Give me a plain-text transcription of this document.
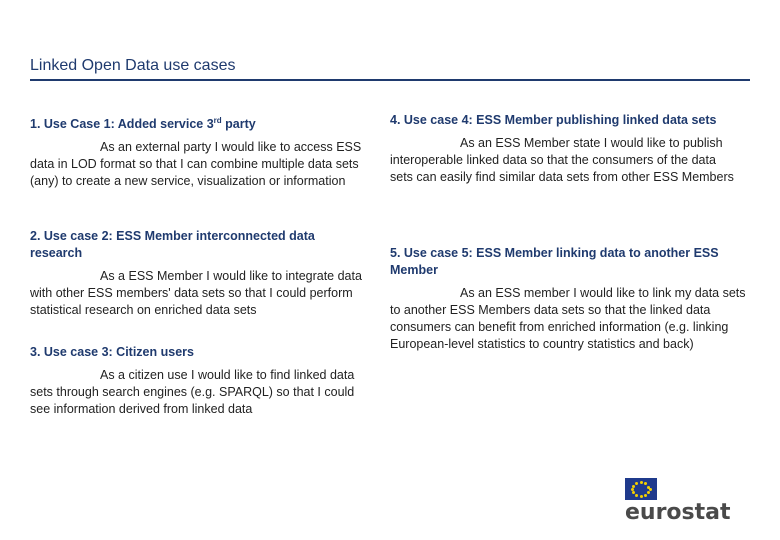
Linked Open Data use cases
1. Use Case 1: Added service 3rd party
As an external party I would like to access ESS data in LOD format so that I can combine multiple data sets (any) to create a new service, visualization or information
2. Use case 2: ESS Member interconnected data research
As a ESS Member I would like to integrate data with other ESS members' data sets so that I could perform statistical research on enriched data sets
3. Use case 3: Citizen users
As a citizen use I would like to find linked data sets through search engines (e.g. SPARQL) so that I could see information derived from linked data
4. Use case 4: ESS Member publishing linked data sets
As an ESS Member state I would like to publish interoperable linked data so that the consumers of the data sets can easily find similar data sets from other ESS Members
5. Use case 5: ESS Member linking data to another ESS Member
As an ESS member I would like to link my data sets to another ESS Members data sets so that the linked data consumers can benefit from enriched information (e.g. linking European-level statistics to country statistics and back)
eurostat
